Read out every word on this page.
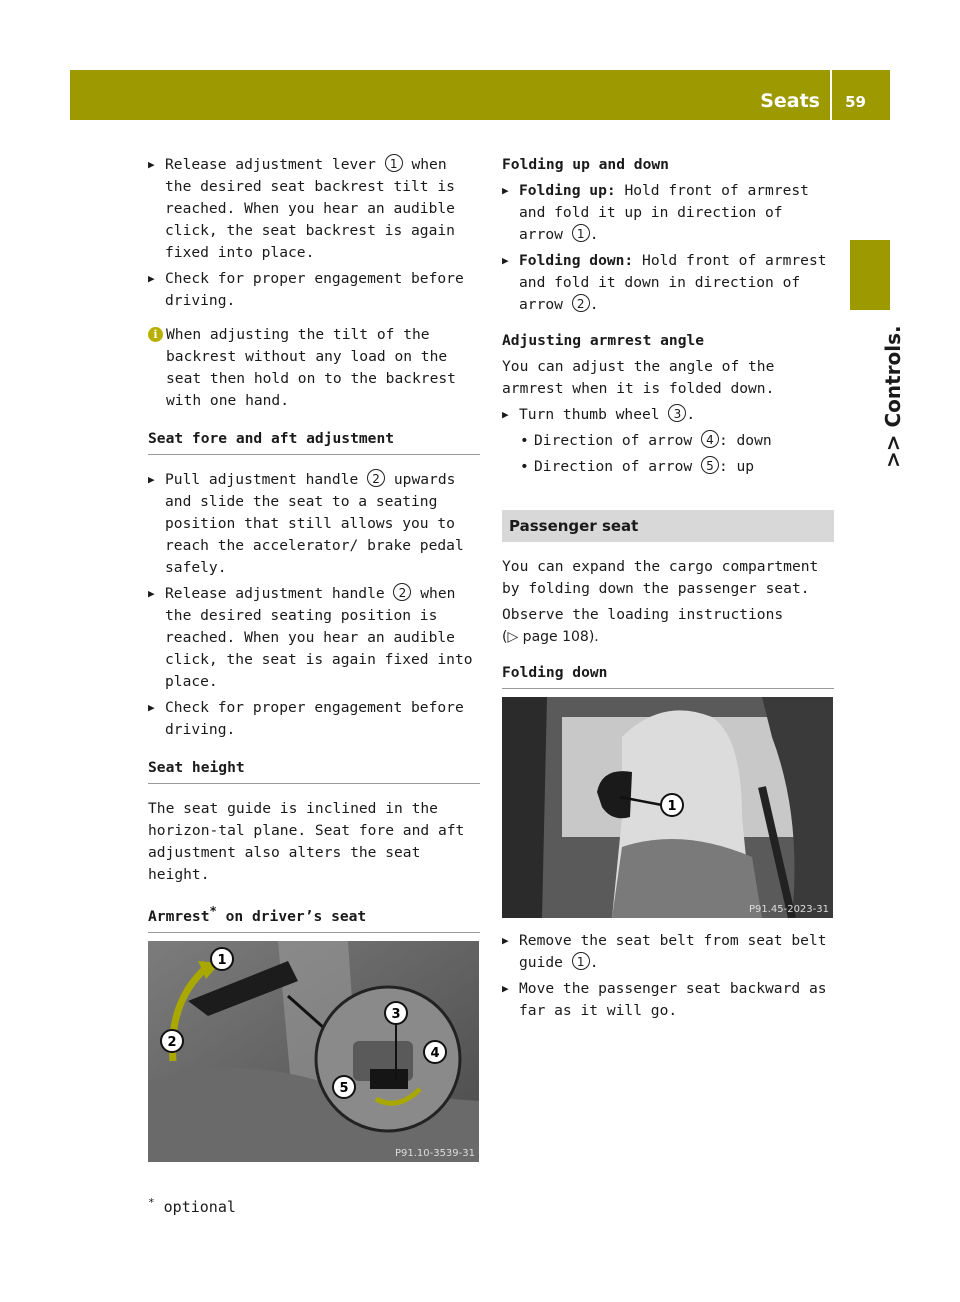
Seats 59
>> Controls.
▶ Release adjustment lever 1 when the desired seat backrest tilt is reached. When you hear an audible click, the seat backrest is again fixed into place.
▶ Check for proper engagement before driving.
i When adjusting the tilt of the backrest without any load on the seat then hold on to the backrest with one hand.
Seat fore and aft adjustment
▶ Pull adjustment handle 2 upwards and slide the seat to a seating position that still allows you to reach the accelerator/ brake pedal safely.
▶ Release adjustment handle 2 when the desired seating position is reached. When you hear an audible click, the seat is again fixed into place.
▶ Check for proper engagement before driving.
Seat height
The seat guide is inclined in the horizon-tal plane. Seat fore and aft adjustment also alters the seat height.
Armrest* on driver’s seat
1
2
3
4
5
P91.10-3539-31
Folding up and down
▶ Folding up: Hold front of armrest and fold it up in direction of arrow 1 .
▶ Folding down: Hold front of armrest and fold it down in direction of arrow 2 .
Adjusting armrest angle
You can adjust the angle of the armrest when it is folded down.
▶ Turn thumb wheel 3 .
• Direction of arrow 4 : down
• Direction of arrow 5 : up
Passenger seat
You can expand the cargo compartment by folding down the passenger seat.
Observe the loading instructions
(▷ page 108).
Folding down
1
P91.45-2023-31
▶ Remove the seat belt from seat belt guide 1 .
▶ Move the passenger seat backward as far as it will go.
* optional
